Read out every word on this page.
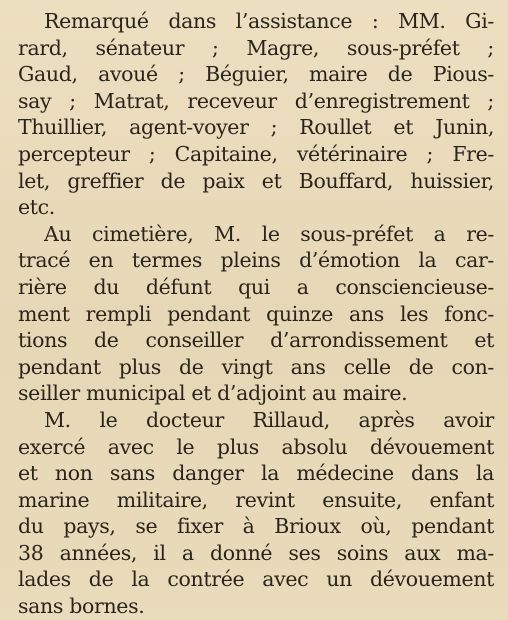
Remarqué dans l’assistance : MM. Gi-
rard, sénateur ; Magre, sous-préfet ;
Gaud, avoué ; Béguier, maire de Pious-
say ; Matrat, receveur d’enregistrement ;
Thuillier, agent-voyer ; Roullet et Junin,
percepteur ; Capitaine, vétérinaire ; Fre-
let, greffier de paix et Bouffard, huissier,
etc.
Au cimetière, M. le sous-préfet a re-
tracé en termes pleins d’émotion la car-
rière du défunt qui a consciencieuse-
ment rempli pendant quinze ans les fonc-
tions de conseiller d’arrondissement et
pendant plus de vingt ans celle de con-
seiller municipal et d’adjoint au maire.
M. le docteur Rillaud, après avoir
exercé avec le plus absolu dévouement
et non sans danger la médecine dans la
marine militaire, revint ensuite, enfant
du pays, se fixer à Brioux où, pendant
38 années, il a donné ses soins aux ma-
lades de la contrée avec un dévouement
sans bornes.
